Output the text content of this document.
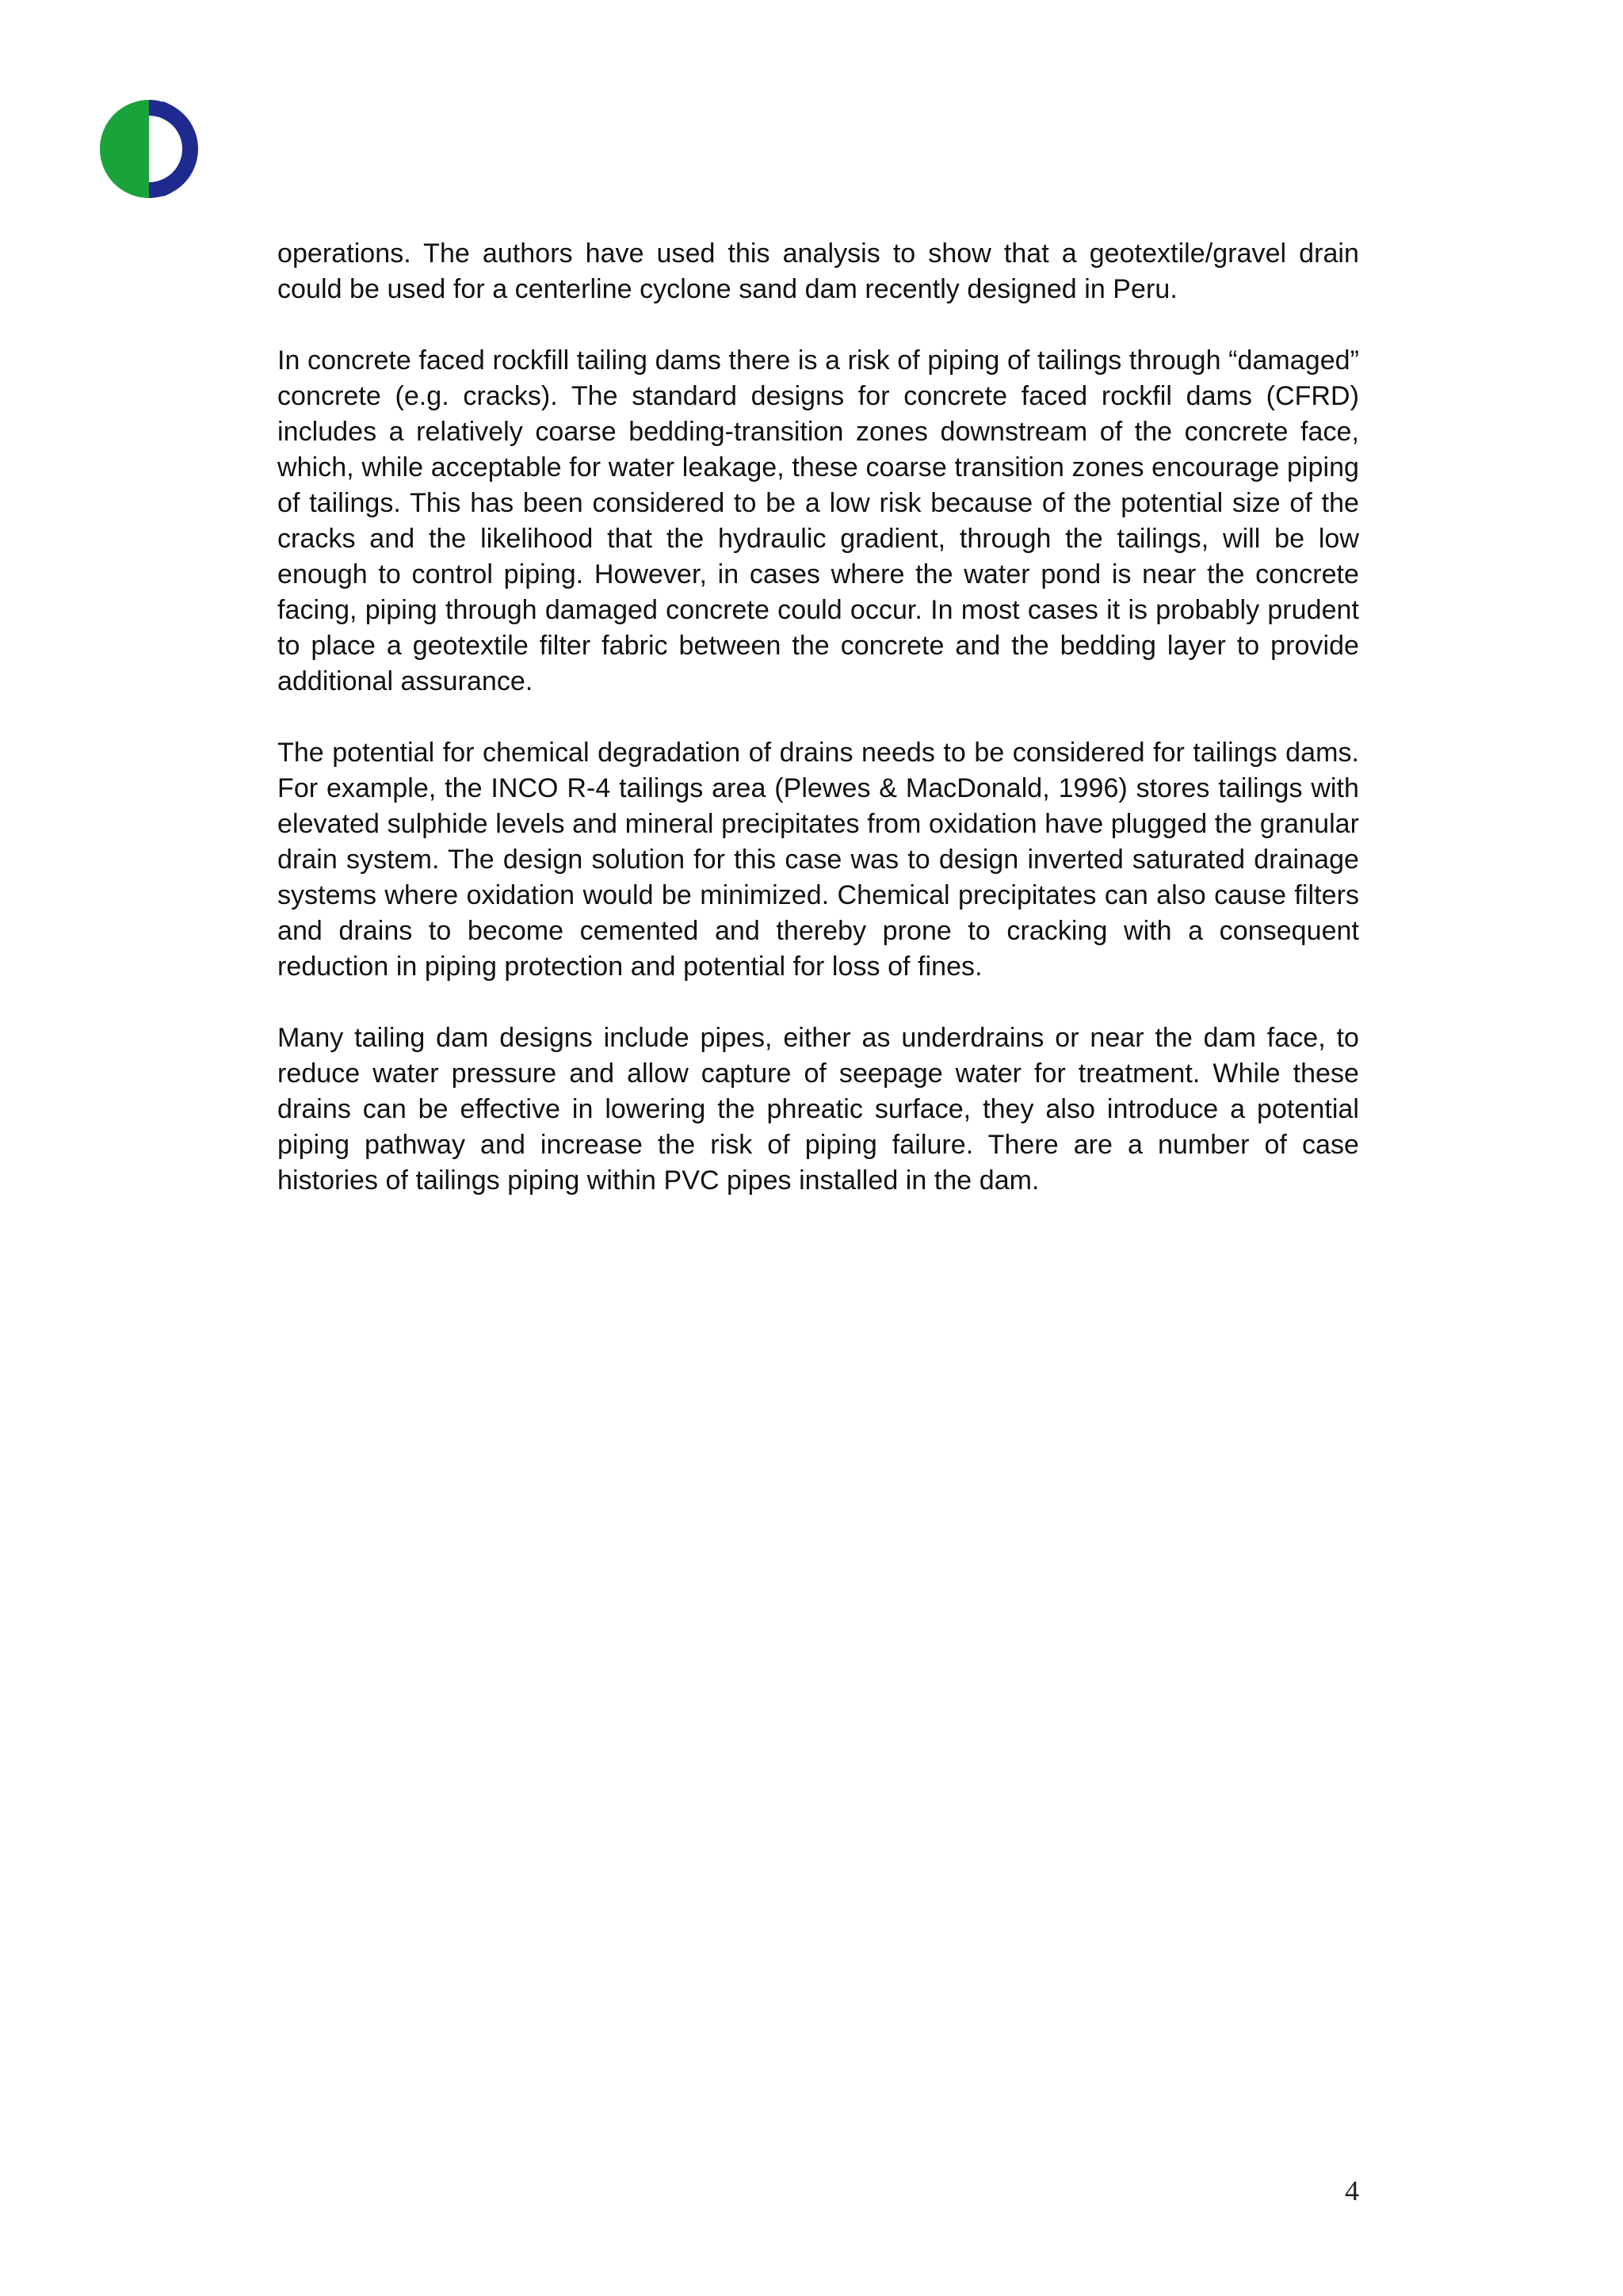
operations. The authors have used this analysis to show that a geotextile/gravel drain could be used for a centerline cyclone sand dam recently designed in Peru.

In concrete faced rockfill tailing dams there is a risk of piping of tailings through “damaged” concrete (e.g. cracks). The standard designs for concrete faced rockfil dams (CFRD) includes a relatively coarse bedding-transition zones downstream of the concrete face, which, while acceptable for water leakage, these coarse transition zones encourage piping of tailings. This has been considered to be a low risk because of the potential size of the cracks and the likelihood that the hydraulic gradient, through the tailings, will be low enough to control piping. However, in cases where the water pond is near the concrete facing, piping through damaged concrete could occur. In most cases it is probably prudent to place a geotextile filter fabric between the concrete and the bedding layer to provide additional assurance.

The potential for chemical degradation of drains needs to be considered for tailings dams. For example, the INCO R-4 tailings area (Plewes & MacDonald, 1996) stores tailings with elevated sulphide levels and mineral precipitates from oxidation have plugged the granular drain system. The design solution for this case was to design inverted saturated drainage systems where oxidation would be minimized. Chemical precipitates can also cause filters and drains to become cemented and thereby prone to cracking with a consequent reduction in piping protection and potential for loss of fines.

Many tailing dam designs include pipes, either as underdrains or near the dam face, to reduce water pressure and allow capture of seepage water for treatment. While these drains can be effective in lowering the phreatic surface, they also introduce a potential piping pathway and increase the risk of piping failure. There are a number of case histories of tailings piping within PVC pipes installed in the dam.

4
